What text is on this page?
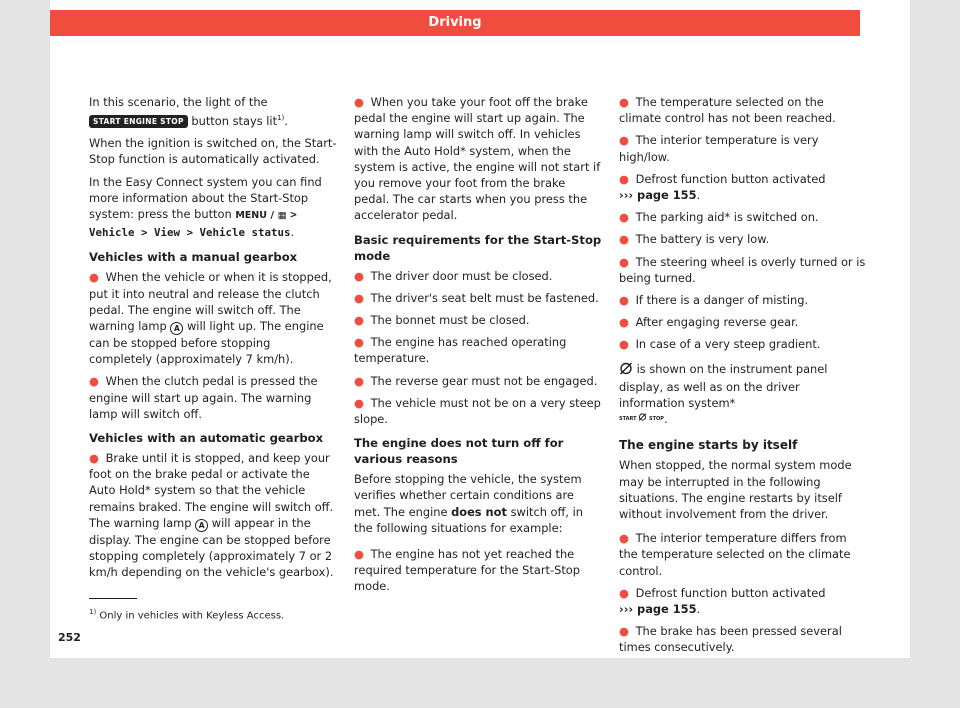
Driving

In this scenario, the light of the START ENGINE STOP button stays lit$^{1)}$.

When the ignition is switched on, the Start-Stop function is automatically activated.

In the Easy Connect system you can find more information about the Start-Stop system: press the button MENU / ▦ > Vehicle > View > Vehicle status.

Vehicles with a manual gearbox

● When the vehicle or when it is stopped, put it into neutral and release the clutch pedal. The engine will switch off. The warning lamp A will light up. The engine can be stopped before stopping completely (approximately 7 km/h).

● When the clutch pedal is pressed the engine will start up again. The warning lamp will switch off.

Vehicles with an automatic gearbox

● Brake until it is stopped, and keep your foot on the brake pedal or activate the Auto Hold* system so that the vehicle remains braked. The engine will switch off. The warning lamp A will appear in the display. The engine can be stopped before stopping completely (approximately 7 or 2 km/h depending on the vehicle's gearbox).

● When you take your foot off the brake pedal the engine will start up again. The warning lamp will switch off. In vehicles with the Auto Hold* system, when the system is active, the engine will not start if you remove your foot from the brake pedal. The car starts when you press the accelerator pedal.

Basic requirements for the Start-Stop mode

● The driver door must be closed.

● The driver's seat belt must be fastened.

● The bonnet must be closed.

● The engine has reached operating temperature.

● The reverse gear must not be engaged.

● The vehicle must not be on a very steep slope.

The engine does not turn off for various reasons

Before stopping the vehicle, the system verifies whether certain conditions are met. The engine does not switch off, in the following situations for example:

● The engine has not yet reached the required temperature for the Start-Stop mode.

● The temperature selected on the climate control has not been reached.

● The interior temperature is very high/low.

● Defrost function button activated
››› page 155.

● The parking aid* is switched on.

● The battery is very low.

● The steering wheel is overly turned or is being turned.

● If there is a danger of misting.

● After engaging reverse gear.

● In case of a very steep gradient.

is shown on the instrument panel display, as well as on the driver information system*
START	STOP.

The engine starts by itself

When stopped, the normal system mode may be interrupted in the following situations. The engine restarts by itself without involvement from the driver.

● The interior temperature differs from the temperature selected on the climate control.

● Defrost function button activated
››› page 155.

● The brake has been pressed several times consecutively.

$^{1)}$ Only in vehicles with Keyless Access.
252
